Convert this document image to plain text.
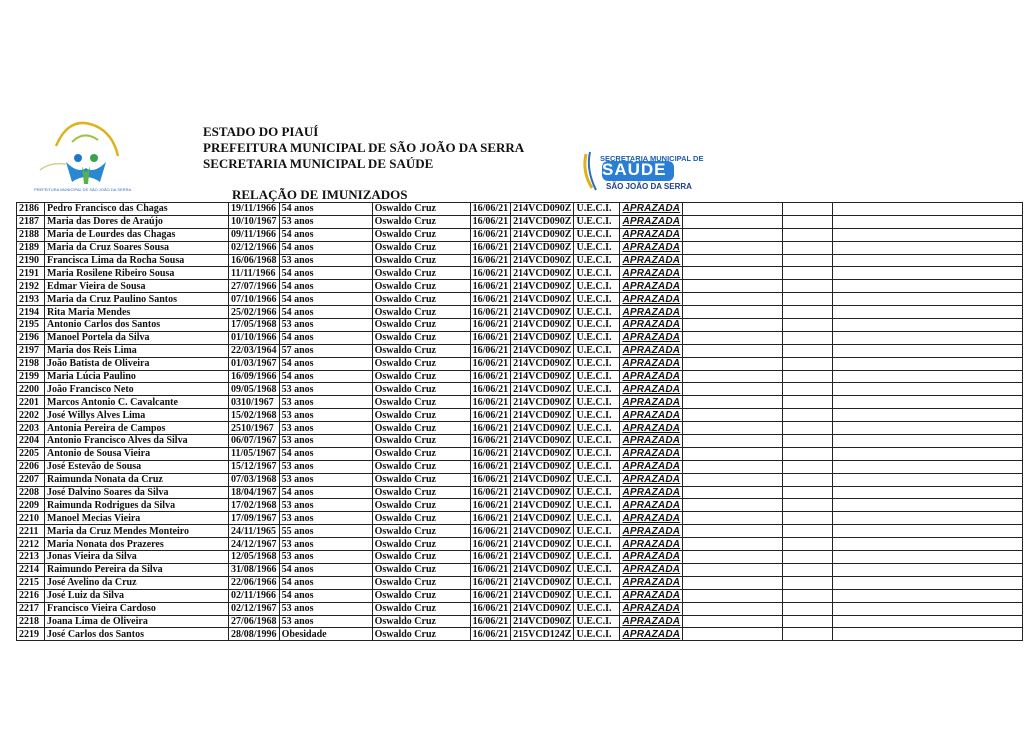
PREFEITURA MUNICIPAL DE SÃO JOÃO DA SERRA
ESTADO DO PIAUÍ
PREFEITURA MUNICIPAL DE SÃO JOÃO DA SERRA
SECRETARIA MUNICIPAL DE SAÚDE
RELAÇÃO DE IMUNIZADOS
SECRETARIA MUNICIPAL DE
SAÚDE
SÃO JOÃO DA SERRA
2186	Pedro Francisco das Chagas	19/11/1966	54 anos	Oswaldo Cruz	16/06/21	214VCD090Z	U.E.C.I.	APRAZADA			
2187	Maria das Dores de Araújo	10/10/1967	53 anos	Oswaldo Cruz	16/06/21	214VCD090Z	U.E.C.I.	APRAZADA			
2188	Maria de Lourdes das Chagas	09/11/1966	54 anos	Oswaldo Cruz	16/06/21	214VCD090Z	U.E.C.I.	APRAZADA			
2189	Maria da Cruz Soares Sousa	02/12/1966	54 anos	Oswaldo Cruz	16/06/21	214VCD090Z	U.E.C.I.	APRAZADA			
2190	Francisca Lima da Rocha Sousa	16/06/1968	53 anos	Oswaldo Cruz	16/06/21	214VCD090Z	U.E.C.I.	APRAZADA			
2191	Maria Rosilene Ribeiro Sousa	11/11/1966	54 anos	Oswaldo Cruz	16/06/21	214VCD090Z	U.E.C.I.	APRAZADA			
2192	Edmar Vieira de Sousa	27/07/1966	54 anos	Oswaldo Cruz	16/06/21	214VCD090Z	U.E.C.I.	APRAZADA			
2193	Maria da Cruz Paulino Santos	07/10/1966	54 anos	Oswaldo Cruz	16/06/21	214VCD090Z	U.E.C.I.	APRAZADA			
2194	Rita Maria Mendes	25/02/1966	54 anos	Oswaldo Cruz	16/06/21	214VCD090Z	U.E.C.I.	APRAZADA			
2195	Antonio Carlos dos Santos	17/05/1968	53 anos	Oswaldo Cruz	16/06/21	214VCD090Z	U.E.C.I.	APRAZADA			
2196	Manoel Portela da Silva	01/10/1966	54 anos	Oswaldo Cruz	16/06/21	214VCD090Z	U.E.C.I.	APRAZADA			
2197	Maria dos Reis Lima	22/03/1964	57 anos	Oswaldo Cruz	16/06/21	214VCD090Z	U.E.C.I.	APRAZADA			
2198	João Batista de Oliveira	01/03/1967	54 anos	Oswaldo Cruz	16/06/21	214VCD090Z	U.E.C.I.	APRAZADA			
2199	Maria Lúcia Paulino	16/09/1966	54 anos	Oswaldo Cruz	16/06/21	214VCD090Z	U.E.C.I.	APRAZADA			
2200	João Francisco Neto	09/05/1968	53 anos	Oswaldo Cruz	16/06/21	214VCD090Z	U.E.C.I.	APRAZADA			
2201	Marcos Antonio C. Cavalcante	0310/1967	53 anos	Oswaldo Cruz	16/06/21	214VCD090Z	U.E.C.I.	APRAZADA			
2202	José Willys Alves Lima	15/02/1968	53 anos	Oswaldo Cruz	16/06/21	214VCD090Z	U.E.C.I.	APRAZADA			
2203	Antonia Pereira de Campos	2510/1967	53 anos	Oswaldo Cruz	16/06/21	214VCD090Z	U.E.C.I.	APRAZADA			
2204	Antonio Francisco Alves da Silva	06/07/1967	53 anos	Oswaldo Cruz	16/06/21	214VCD090Z	U.E.C.I.	APRAZADA			
2205	Antonio de Sousa Vieira	11/05/1967	54 anos	Oswaldo Cruz	16/06/21	214VCD090Z	U.E.C.I.	APRAZADA			
2206	José Estevão de Sousa	15/12/1967	53 anos	Oswaldo Cruz	16/06/21	214VCD090Z	U.E.C.I.	APRAZADA			
2207	Raimunda Nonata da Cruz	07/03/1968	53 anos	Oswaldo Cruz	16/06/21	214VCD090Z	U.E.C.I.	APRAZADA			
2208	José Dalvino Soares da Silva	18/04/1967	54 anos	Oswaldo Cruz	16/06/21	214VCD090Z	U.E.C.I.	APRAZADA			
2209	Raimunda Rodrigues da Silva	17/02/1968	53 anos	Oswaldo Cruz	16/06/21	214VCD090Z	U.E.C.I.	APRAZADA			
2210	Manoel Mecias Vieira	17/09/1967	53 anos	Oswaldo Cruz	16/06/21	214VCD090Z	U.E.C.I.	APRAZADA			
2211	Maria da Cruz Mendes Monteiro	24/11/1965	55 anos	Oswaldo Cruz	16/06/21	214VCD090Z	U.E.C.I.	APRAZADA			
2212	Maria Nonata dos Prazeres	24/12/1967	53 anos	Oswaldo Cruz	16/06/21	214VCD090Z	U.E.C.I.	APRAZADA			
2213	Jonas Vieira da Silva	12/05/1968	53 anos	Oswaldo Cruz	16/06/21	214VCD090Z	U.E.C.I.	APRAZADA			
2214	Raimundo Pereira da Silva	31/08/1966	54 anos	Oswaldo Cruz	16/06/21	214VCD090Z	U.E.C.I.	APRAZADA			
2215	José Avelino da Cruz	22/06/1966	54 anos	Oswaldo Cruz	16/06/21	214VCD090Z	U.E.C.I.	APRAZADA			
2216	José Luiz da Silva	02/11/1966	54 anos	Oswaldo Cruz	16/06/21	214VCD090Z	U.E.C.I.	APRAZADA			
2217	Francisco Vieira Cardoso	02/12/1967	53 anos	Oswaldo Cruz	16/06/21	214VCD090Z	U.E.C.I.	APRAZADA			
2218	Joana Lima de Oliveira	27/06/1968	53 anos	Oswaldo Cruz	16/06/21	214VCD090Z	U.E.C.I.	APRAZADA			
2219	José Carlos dos Santos	28/08/1996	Obesidade	Oswaldo Cruz	16/06/21	215VCD124Z	U.E.C.I.	APRAZADA			
